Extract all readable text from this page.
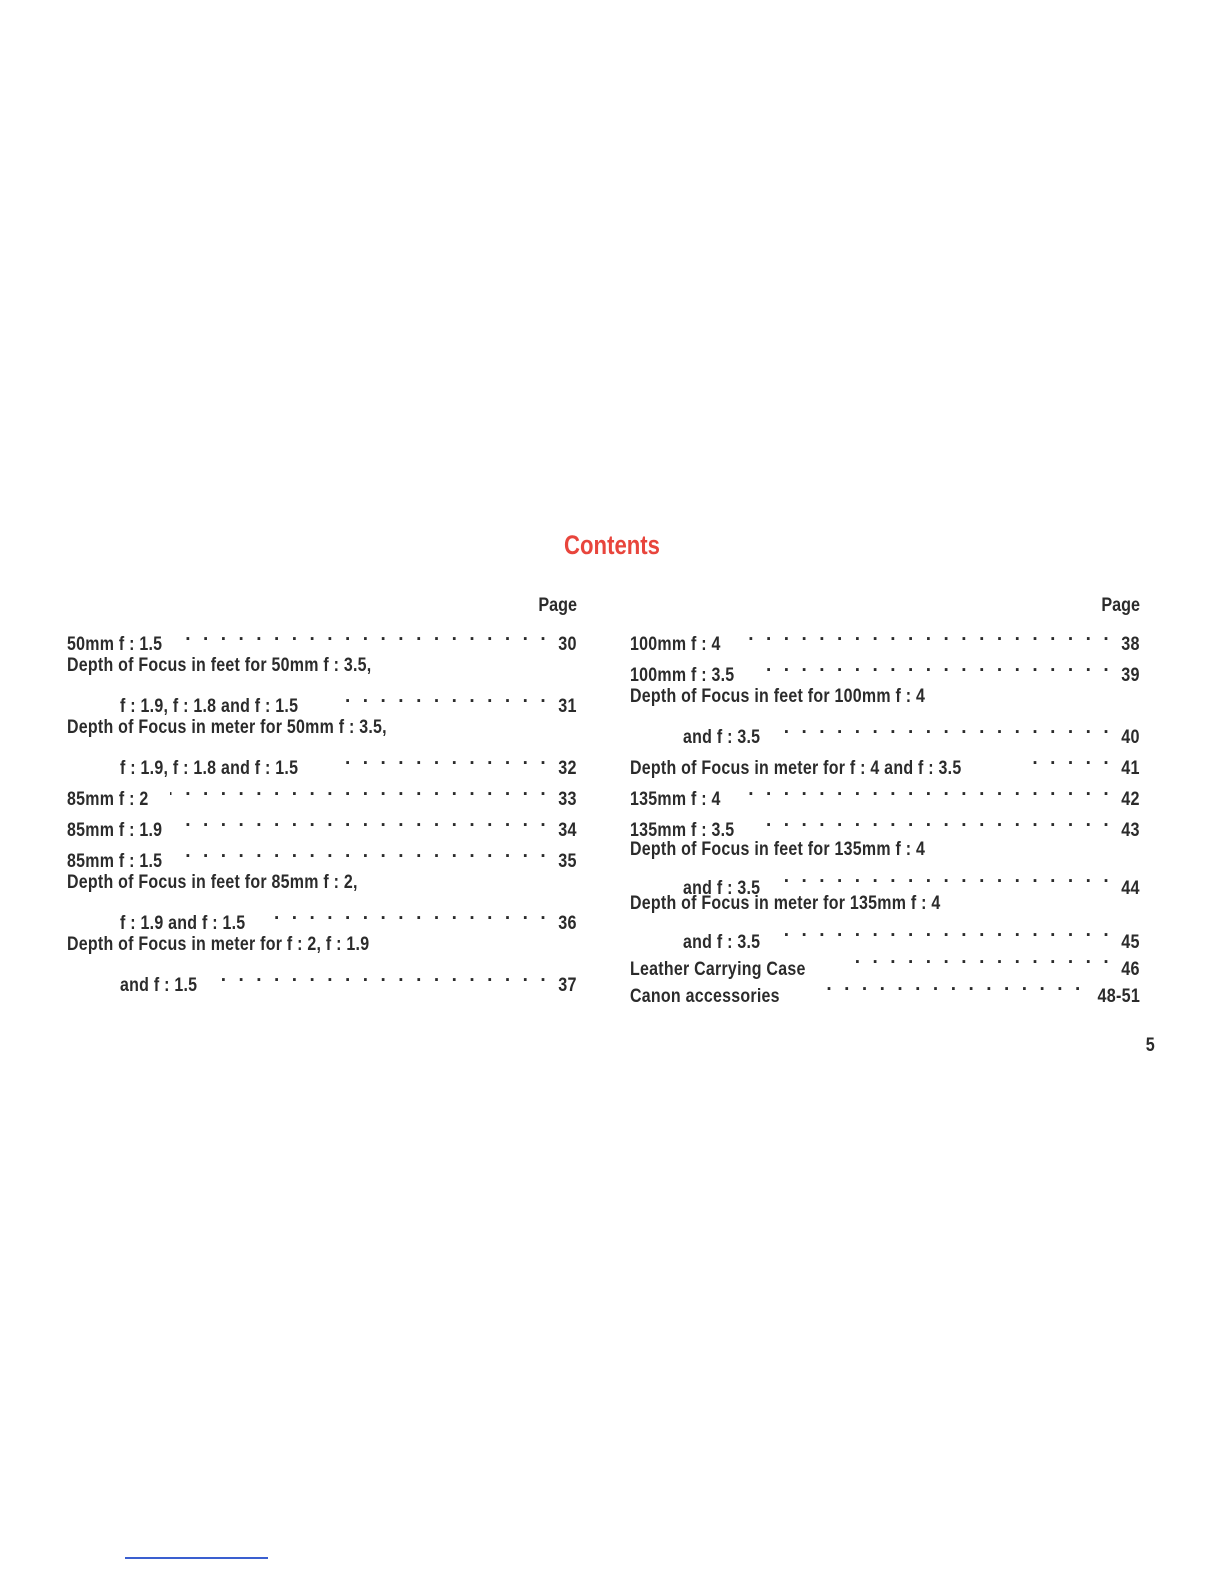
Contents
Page
50mm f : 1.5 . . .	30
Depth of Focus in feet for 50mm f : 3.5,
f : 1.9, f : 1.8 and f : 1.5 . . .	31
Depth of Focus in meter for 50mm f : 3.5,
f : 1.9, f : 1.8 and f : 1.5 . . .	32
85mm f : 2 . . .	33
85mm f : 1.9 . . .	34
85mm f : 1.5 . . .	35
Depth of Focus in feet for 85mm f : 2,
f : 1.9 and f : 1.5 . . .	36
Depth of Focus in meter for f : 2, f : 1.9
and f : 1.5 . . .	37
Page
100mm f : 4 . . .	38
100mm f : 3.5 . . .	39
Depth of Focus in feet for 100mm f : 4
and f : 3.5 . . .	40
Depth of Focus in meter for f : 4 and f : 3.5 . . .	41
135mm f : 4 . . .	42
135mm f : 3.5 . . .	43
Depth of Focus in feet for 135mm f : 4
and f : 3.5 . . .	44
Depth of Focus in meter for 135mm f : 4
and f : 3.5 . . .	45
Leather Carrying Case . . .	46
Canon accessories . . .	48-51
5
